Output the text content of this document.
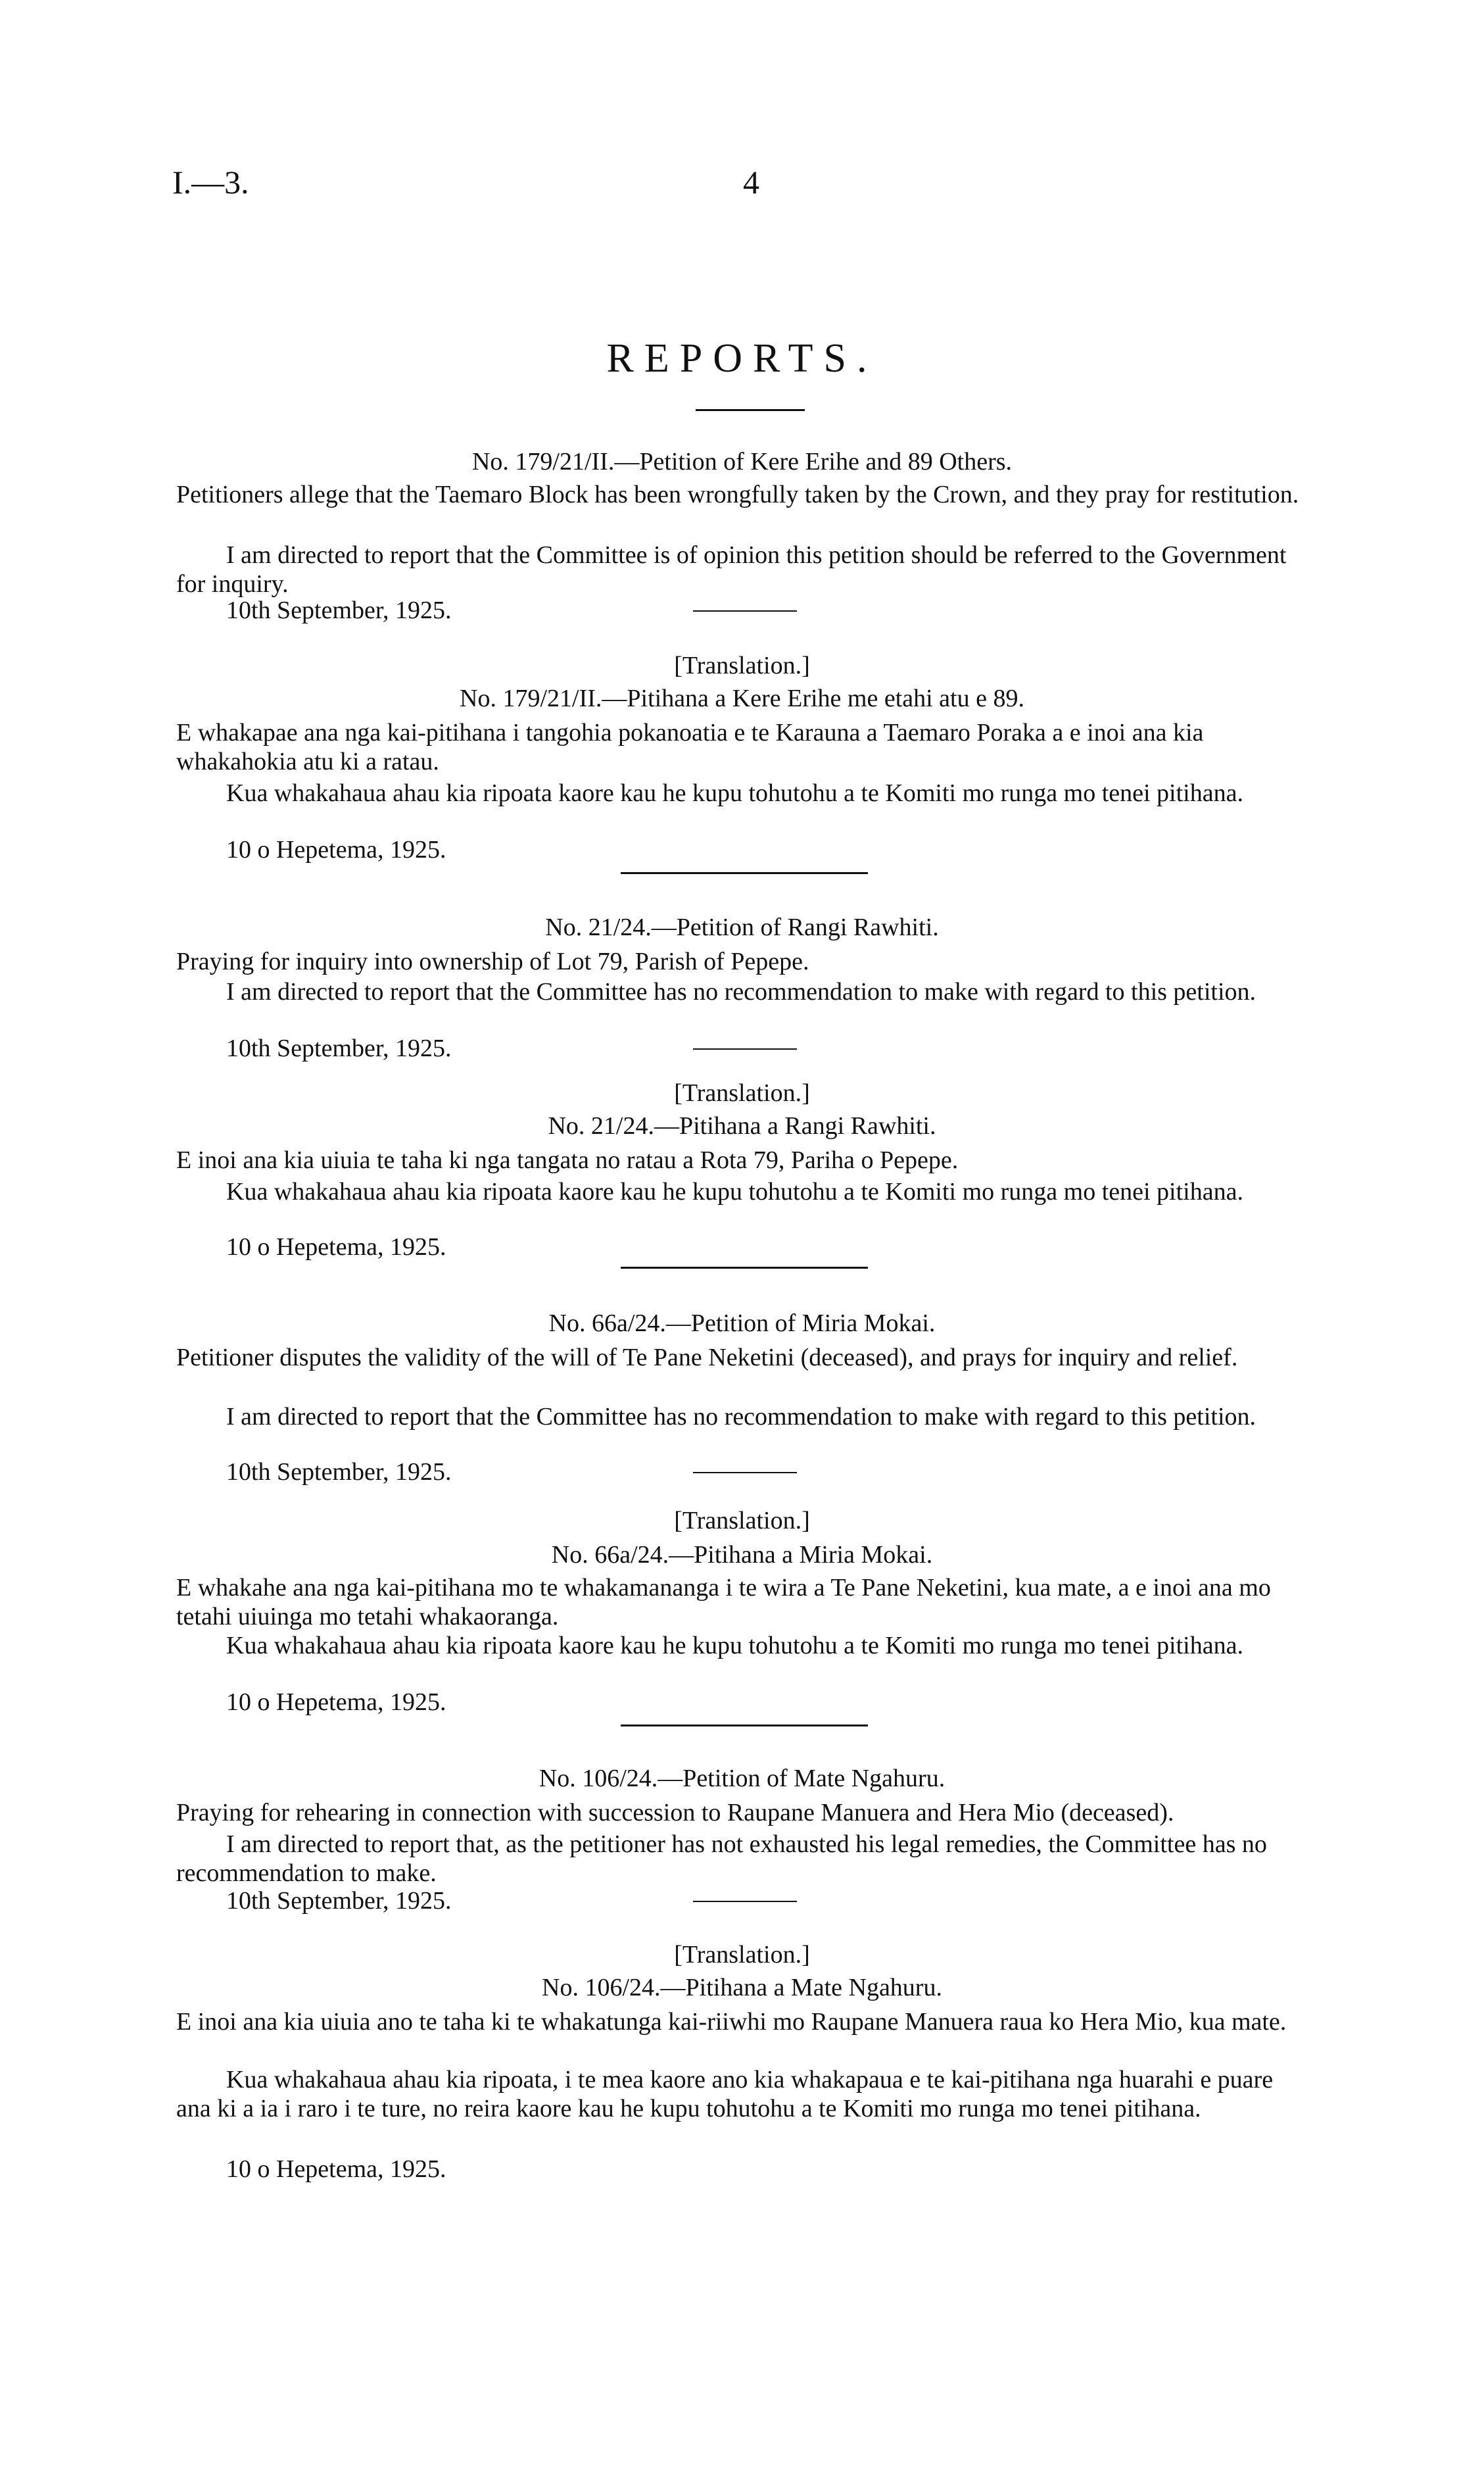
I.—3.	4
REPORTS.
No. 179/21/II.—Petition of Kere Erihe and 89 Others.

Petitioners allege that the Taemaro Block has been wrongfully taken by the Crown, and they pray for restitution.

I am directed to report that the Committee is of opinion this petition should be referred to the Government for inquiry.

10th September, 1925.
[Translation.]
No. 179/21/II.—Pitihana a Kere Erihe me etahi atu e 89.

E whakapae ana nga kai-pitihana i tangohia pokanoatia e te Karauna a Taemaro Poraka a e inoi ana kia whakahokia atu ki a ratau.

Kua whakahaua ahau kia ripoata kaore kau he kupu tohutohu a te Komiti mo runga mo tenei pitihana.

10 o Hepetema, 1925.
No. 21/24.—Petition of Rangi Rawhiti.

Praying for inquiry into ownership of Lot 79, Parish of Pepepe.

I am directed to report that the Committee has no recommendation to make with regard to this petition.

10th September, 1925.
[Translation.]
No. 21/24.—Pitihana a Rangi Rawhiti.

E inoi ana kia uiuia te taha ki nga tangata no ratau a Rota 79, Pariha o Pepepe.

Kua whakahaua ahau kia ripoata kaore kau he kupu tohutohu a te Komiti mo runga mo tenei pitihana.

10 o Hepetema, 1925.
No. 66a/24.—Petition of Miria Mokai.

Petitioner disputes the validity of the will of Te Pane Neketini (deceased), and prays for inquiry and relief.

I am directed to report that the Committee has no recommendation to make with regard to this petition.

10th September, 1925.
[Translation.]
No. 66a/24.—Pitihana a Miria Mokai.

E whakahe ana nga kai-pitihana mo te whakamananga i te wira a Te Pane Neketini, kua mate, a e inoi ana mo tetahi uiuinga mo tetahi whakaoranga.

Kua whakahaua ahau kia ripoata kaore kau he kupu tohutohu a te Komiti mo runga mo tenei pitihana.

10 o Hepetema, 1925.
No. 106/24.—Petition of Mate Ngahuru.

Praying for rehearing in connection with succession to Raupane Manuera and Hera Mio (deceased).

I am directed to report that, as the petitioner has not exhausted his legal remedies, the Committee has no recommendation to make.

10th September, 1925.
[Translation.]
No. 106/24.—Pitihana a Mate Ngahuru.

E inoi ana kia uiuia ano te taha ki te whakatunga kai-riiwhi mo Raupane Manuera raua ko Hera Mio, kua mate.

Kua whakahaua ahau kia ripoata, i te mea kaore ano kia whakapaua e te kai-pitihana nga huarahi e puare ana ki a ia i raro i te ture, no reira kaore kau he kupu tohutohu a te Komiti mo runga mo tenei pitihana.

10 o Hepetema, 1925.
